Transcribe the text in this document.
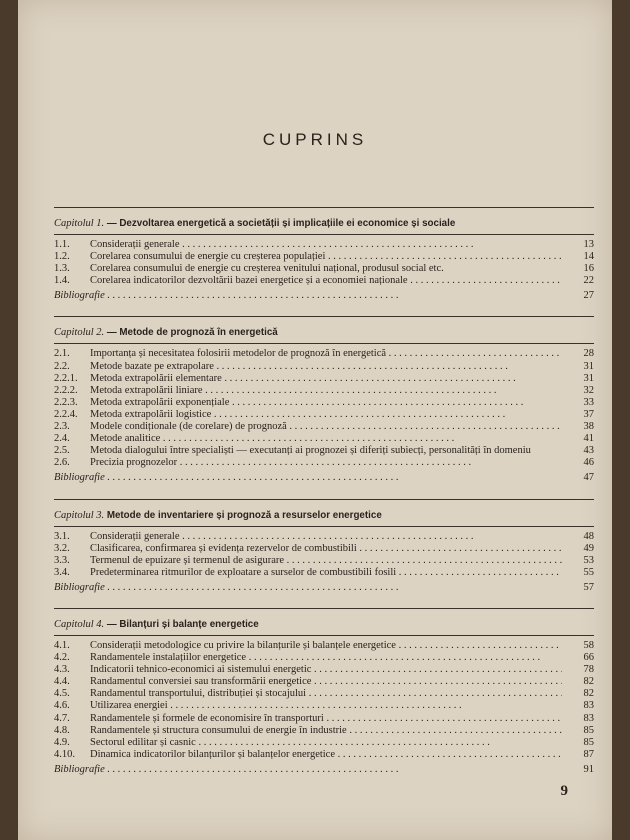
CUPRINS
Capitolul 1. — Dezvoltarea energetică a societății și implicațiile ei economice și sociale
1.1.	Considerații generale . . .	13
1.2.	Corelarea consumului de energie cu creșterea populației . . .	14
1.3.	Corelarea consumului de energie cu creșterea venitului național, produsul social etc.	16
1.4.	Corelarea indicatorilor dezvoltării bazei energetice și a economiei naționale . . .	22
Bibliografie . . .	27
Capitolul 2. — Metode de prognoză în energetică
2.1.	Importanța și necesitatea folosirii metodelor de prognoză în energetică . . .	28
2.2.	Metode bazate pe extrapolare . . .	31
2.2.1.	Metoda extrapolării elementare . . .	31
2.2.2.	Metoda extrapolării liniare . . .	32
2.2.3.	Metoda extrapolării exponențiale . . .	33
2.2.4.	Metoda extrapolării logistice . . .	37
2.3.	Modele condiționale (de corelare) de prognoză . . .	38
2.4.	Metode analitice . . .	41
2.5.	Metoda dialogului între specialiști — executanți ai prognozei și diferiți subiecți, personalități în domeniu	43
2.6.	Precizia prognozelor . . .	46
Bibliografie . . .	47
Capitolul 3. Metode de inventariere și prognoză a resurselor energetice
3.1.	Considerații generale . . .	48
3.2.	Clasificarea, confirmarea și evidența rezervelor de combustibili . . .	49
3.3.	Termenul de epuizare și termenul de asigurare . . .	53
3.4.	Predeterminarea ritmurilor de exploatare a surselor de combustibili fosili . . .	55
Bibliografie . . .	57
Capitolul 4. — Bilanțuri și balanțe energetice
4.1.	Considerații metodologice cu privire la bilanțurile și balanțele energetice . . .	58
4.2.	Randamentele instalațiilor energetice . . .	66
4.3.	Indicatorii tehnico-economici ai sistemului energetic . . .	78
4.4.	Randamentul conversiei sau transformării energetice . . .	82
4.5.	Randamentul transportului, distribuției și stocajului . . .	82
4.6.	Utilizarea energiei . . .	83
4.7.	Randamentele și formele de economisire în transporturi . . .	83
4.8.	Randamentele și structura consumului de energie în industrie . . .	85
4.9.	Sectorul edilitar și casnic . . .	85
4.10.	Dinamica indicatorilor bilanțurilor și balanțelor energetice . . .	87
Bibliografie . . .	91
9
